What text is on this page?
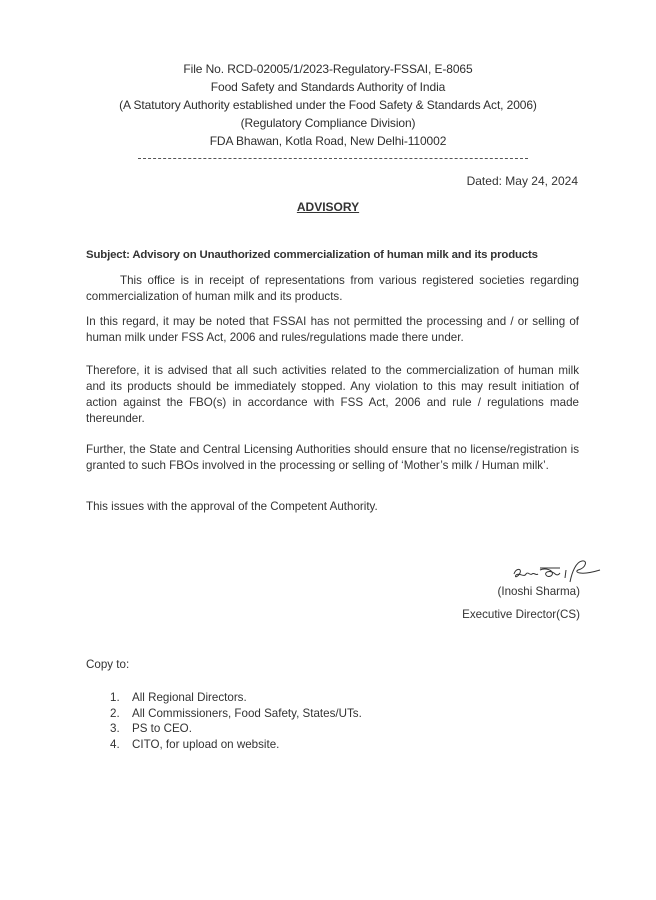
File No. RCD-02005/1/2023-Regulatory-FSSAI, E-8065
Food Safety and Standards Authority of India
(A Statutory Authority established under the Food Safety & Standards Act, 2006)
(Regulatory Compliance Division)
FDA Bhawan, Kotla Road, New Delhi-110002
Dated: May 24, 2024
ADVISORY
Subject: Advisory on Unauthorized commercialization of human milk and its products
This office is in receipt of representations from various registered societies regarding commercialization of human milk and its products.
In this regard, it may be noted that FSSAI has not permitted the processing and / or selling of human milk under FSS Act, 2006 and rules/regulations made there under.
Therefore, it is advised that all such activities related to the commercialization of human milk and its products should be immediately stopped. Any violation to this may result initiation of action against the FBO(s) in accordance with FSS Act, 2006 and rule / regulations made thereunder.
Further, the State and Central Licensing Authorities should ensure that no license/registration is granted to such FBOs involved in the processing or selling of ‘Mother’s milk / Human milk’.
This issues with the approval of the Competent Authority.
(Inoshi Sharma)
Executive Director(CS)
Copy to:
1. All Regional Directors.
2. All Commissioners, Food Safety, States/UTs.
3. PS to CEO.
4. CITO, for upload on website.
